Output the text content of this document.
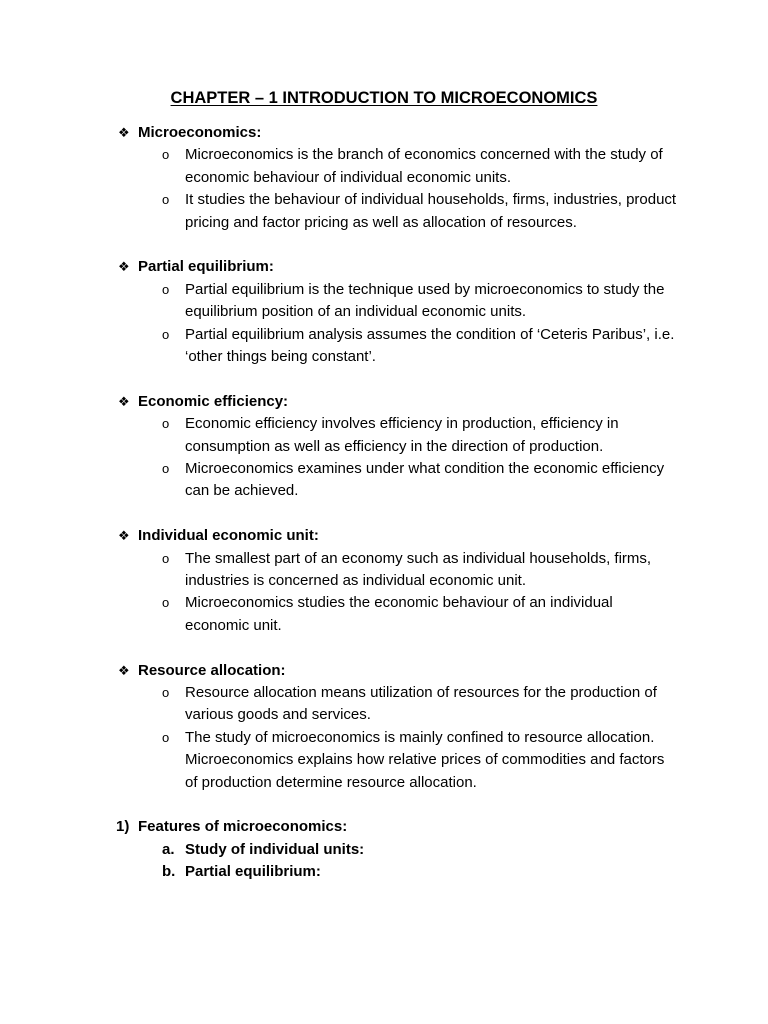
CHAPTER – 1 INTRODUCTION TO MICROECONOMICS
❖ Microeconomics:
o Microeconomics is the branch of economics concerned with the study of economic behaviour of individual economic units.
o It studies the behaviour of individual households, firms, industries, product pricing and factor pricing as well as allocation of resources.
❖ Partial equilibrium:
o Partial equilibrium is the technique used by microeconomics to study the equilibrium position of an individual economic units.
o Partial equilibrium analysis assumes the condition of ‘Ceteris Paribus’, i.e. ‘other things being constant’.
❖ Economic efficiency:
o Economic efficiency involves efficiency in production, efficiency in consumption as well as efficiency in the direction of production.
o Microeconomics examines under what condition the economic efficiency can be achieved.
❖ Individual economic unit:
o The smallest part of an economy such as individual households, firms, industries is concerned as individual economic unit.
o Microeconomics studies the economic behaviour of an individual economic unit.
❖ Resource allocation:
o Resource allocation means utilization of resources for the production of various goods and services.
o The study of microeconomics is mainly confined to resource allocation. Microeconomics explains how relative prices of commodities and factors of production determine resource allocation.
1) Features of microeconomics:
a. Study of individual units:
b. Partial equilibrium:
